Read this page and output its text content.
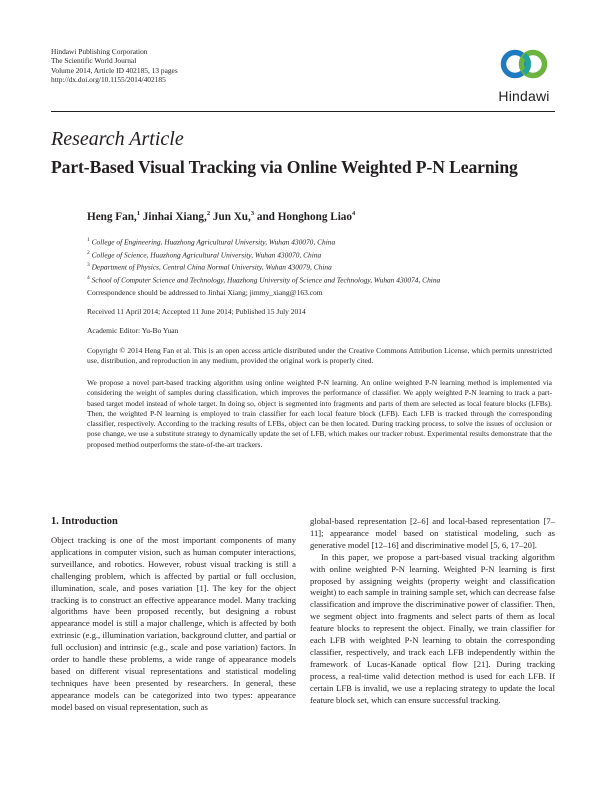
Hindawi Publishing Corporation
The Scientific World Journal
Volume 2014, Article ID 402185, 13 pages
http://dx.doi.org/10.1155/2014/402185
Hindawi
Research Article
Part-Based Visual Tracking via Online Weighted P-N Learning
Heng Fan,$^1$ Jinhai Xiang,$^2$ Jun Xu,$^3$ and Honghong Liao$^4$
$^1$ College of Engineering, Huazhong Agricultural University, Wuhan 430070, China
$^2$ College of Science, Huazhong Agricultural University, Wuhan 430070, China
$^3$ Department of Physics, Central China Normal University, Wuhan 430079, China
$^4$ School of Computer Science and Technology, Huazhong University of Science and Technology, Wuhan 430074, China
Correspondence should be addressed to Jinhai Xiang; jimmy_xiang@163.com
Received 11 April 2014; Accepted 11 June 2014; Published 15 July 2014
Academic Editor: Yu-Bo Yuan
Copyright © 2014 Heng Fan et al. This is an open access article distributed under the Creative Commons Attribution License, which permits unrestricted use, distribution, and reproduction in any medium, provided the original work is properly cited.
We propose a novel part-based tracking algorithm using online weighted P-N learning. An online weighted P-N learning method is implemented via considering the weight of samples during classification, which improves the performance of classifier. We apply weighted P-N learning to track a part-based target model instead of whole target. In doing so, object is segmented into fragments and parts of them are selected as local feature blocks (LFBs). Then, the weighted P-N learning is employed to train classifier for each local feature block (LFB). Each LFB is tracked through the corresponding classifier, respectively. According to the tracking results of LFBs, object can be then located. During tracking process, to solve the issues of occlusion or pose change, we use a substitute strategy to dynamically update the set of LFB, which makes our tracker robust. Experimental results demonstrate that the proposed method outperforms the state-of-the-art trackers.
1. Introduction

Object tracking is one of the most important components of many applications in computer vision, such as human computer interactions, surveillance, and robotics. However, robust visual tracking is still a challenging problem, which is affected by partial or full occlusion, illumination, scale, and poses variation [1]. The key for the object tracking is to construct an effective appearance model. Many tracking algorithms have been proposed recently, but designing a robust appearance model is still a major challenge, which is affected by both extrinsic (e.g., illumination variation, background clutter, and partial or full occlusion) and intrinsic (e.g., scale and pose variation) factors. In order to handle these problems, a wide range of appearance models based on different visual representations and statistical modeling techniques have been presented by researchers. In general, these appearance models can be categorized into two types: appearance model based on visual representation, such as

global-based representation [2–6] and local-based representation [7–11]; appearance model based on statistical modeling, such as generative model [12–16] and discriminative model [5, 6, 17–20].

In this paper, we propose a part-based visual tracking algorithm with online weighted P-N learning. Weighted P-N learning is first proposed by assigning weights (property weight and classification weight) to each sample in training sample set, which can decrease false classification and improve the discriminative power of classifier. Then, we segment object into fragments and select parts of them as local feature blocks to represent the object. Finally, we train classifier for each LFB with weighted P-N learning to obtain the corresponding classifier, respectively, and track each LFB independently within the framework of Lucas-Kanade optical flow [21]. During tracking process, a real-time valid detection method is used for each LFB. If certain LFB is invalid, we use a replacing strategy to update the local feature block set, which can ensure successful tracking.
